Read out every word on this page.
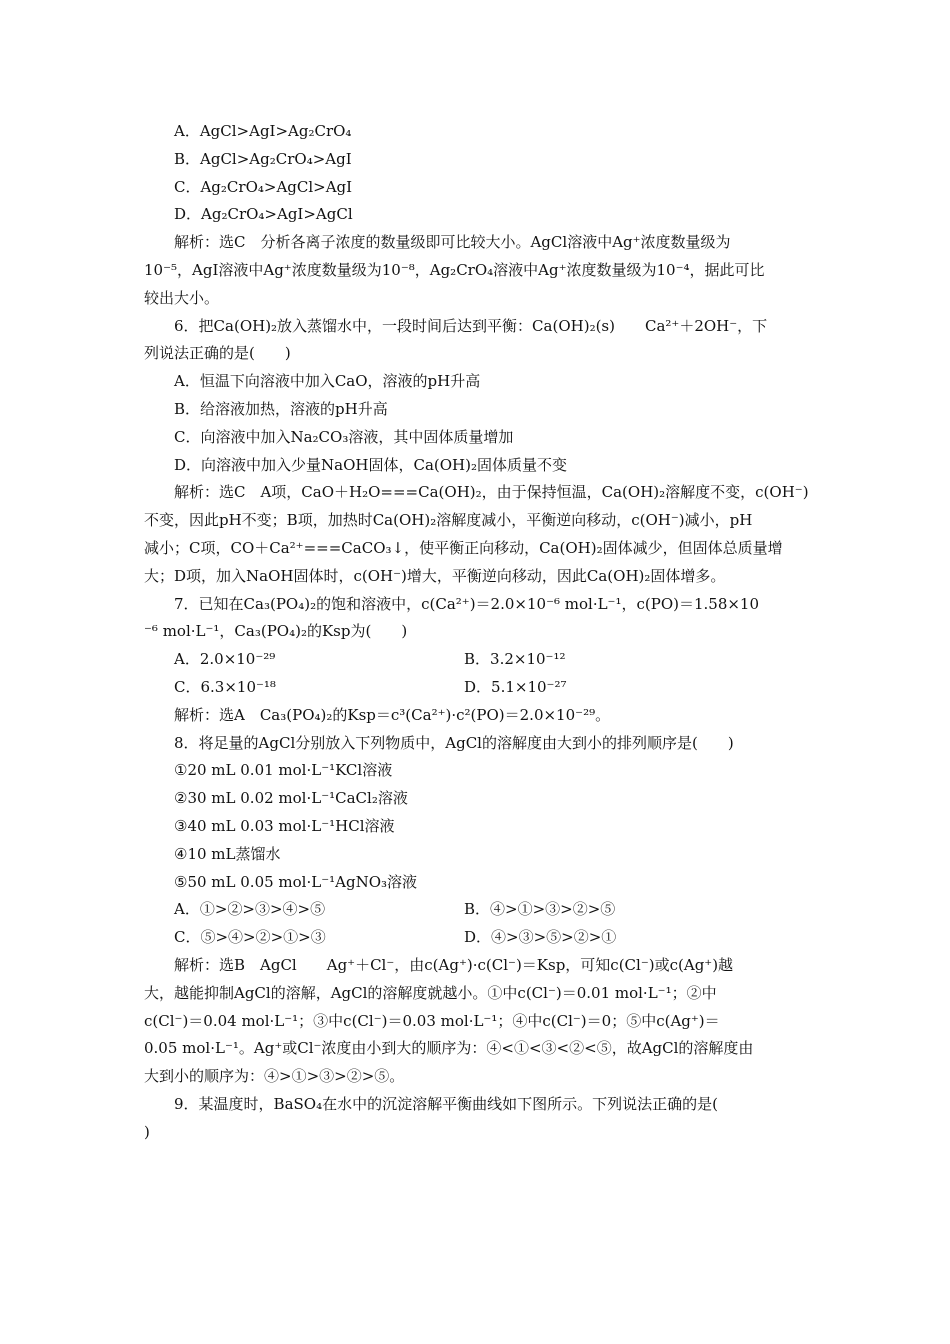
A．AgCl>AgI>Ag₂CrO₄
B．AgCl>Ag₂CrO₄>AgI
C．Ag₂CrO₄>AgCl>AgI
D．Ag₂CrO₄>AgI>AgCl
解析：选C　分析各离子浓度的数量级即可比较大小。AgCl溶液中Ag⁺浓度数量级为
10⁻⁵，AgI溶液中Ag⁺浓度数量级为10⁻⁸，Ag₂CrO₄溶液中Ag⁺浓度数量级为10⁻⁴，据此可比
较出大小。
6．把Ca(OH)₂放入蒸馏水中，一段时间后达到平衡：Ca(OH)₂(s)　　Ca²⁺＋2OH⁻，下
列说法正确的是(　　)
A．恒温下向溶液中加入CaO，溶液的pH升高
B．给溶液加热，溶液的pH升高
C．向溶液中加入Na₂CO₃溶液，其中固体质量增加
D．向溶液中加入少量NaOH固体，Ca(OH)₂固体质量不变
解析：选C　A项，CaO＋H₂O===Ca(OH)₂，由于保持恒温，Ca(OH)₂溶解度不变，c(OH⁻)
不变，因此pH不变；B项，加热时Ca(OH)₂溶解度减小，平衡逆向移动，c(OH⁻)减小，pH
减小；C项，CO＋Ca²⁺===CaCO₃↓，使平衡正向移动，Ca(OH)₂固体减少，但固体总质量增
大；D项，加入NaOH固体时，c(OH⁻)增大，平衡逆向移动，因此Ca(OH)₂固体增多。
7．已知在Ca₃(PO₄)₂的饱和溶液中，c(Ca²⁺)＝2.0×10⁻⁶ mol·L⁻¹，c(PO)＝1.58×10
⁻⁶ mol·L⁻¹，Ca₃(PO₄)₂的Ksp为(　　)
A．2.0×10⁻²⁹	B．3.2×10⁻¹²
C．6.3×10⁻¹⁸	D．5.1×10⁻²⁷
解析：选A　Ca₃(PO₄)₂的Ksp＝c³(Ca²⁺)·c²(PO)＝2.0×10⁻²⁹。
8．将足量的AgCl分别放入下列物质中，AgCl的溶解度由大到小的排列顺序是(　　)
①20 mL 0.01 mol·L⁻¹KCl溶液
②30 mL 0.02 mol·L⁻¹CaCl₂溶液
③40 mL 0.03 mol·L⁻¹HCl溶液
④10 mL蒸馏水
⑤50 mL 0.05 mol·L⁻¹AgNO₃溶液
A．①>②>③>④>⑤	B．④>①>③>②>⑤
C．⑤>④>②>①>③	D．④>③>⑤>②>①
解析：选B　AgCl　　Ag⁺＋Cl⁻，由c(Ag⁺)·c(Cl⁻)＝Ksp，可知c(Cl⁻)或c(Ag⁺)越
大，越能抑制AgCl的溶解，AgCl的溶解度就越小。①中c(Cl⁻)＝0.01 mol·L⁻¹；②中
c(Cl⁻)＝0.04 mol·L⁻¹；③中c(Cl⁻)＝0.03 mol·L⁻¹；④中c(Cl⁻)＝0；⑤中c(Ag⁺)＝
0.05 mol·L⁻¹。Ag⁺或Cl⁻浓度由小到大的顺序为：④<①<③<②<⑤，故AgCl的溶解度由
大到小的顺序为：④>①>③>②>⑤。
9．某温度时，BaSO₄在水中的沉淀溶解平衡曲线如下图所示。下列说法正确的是(
)
